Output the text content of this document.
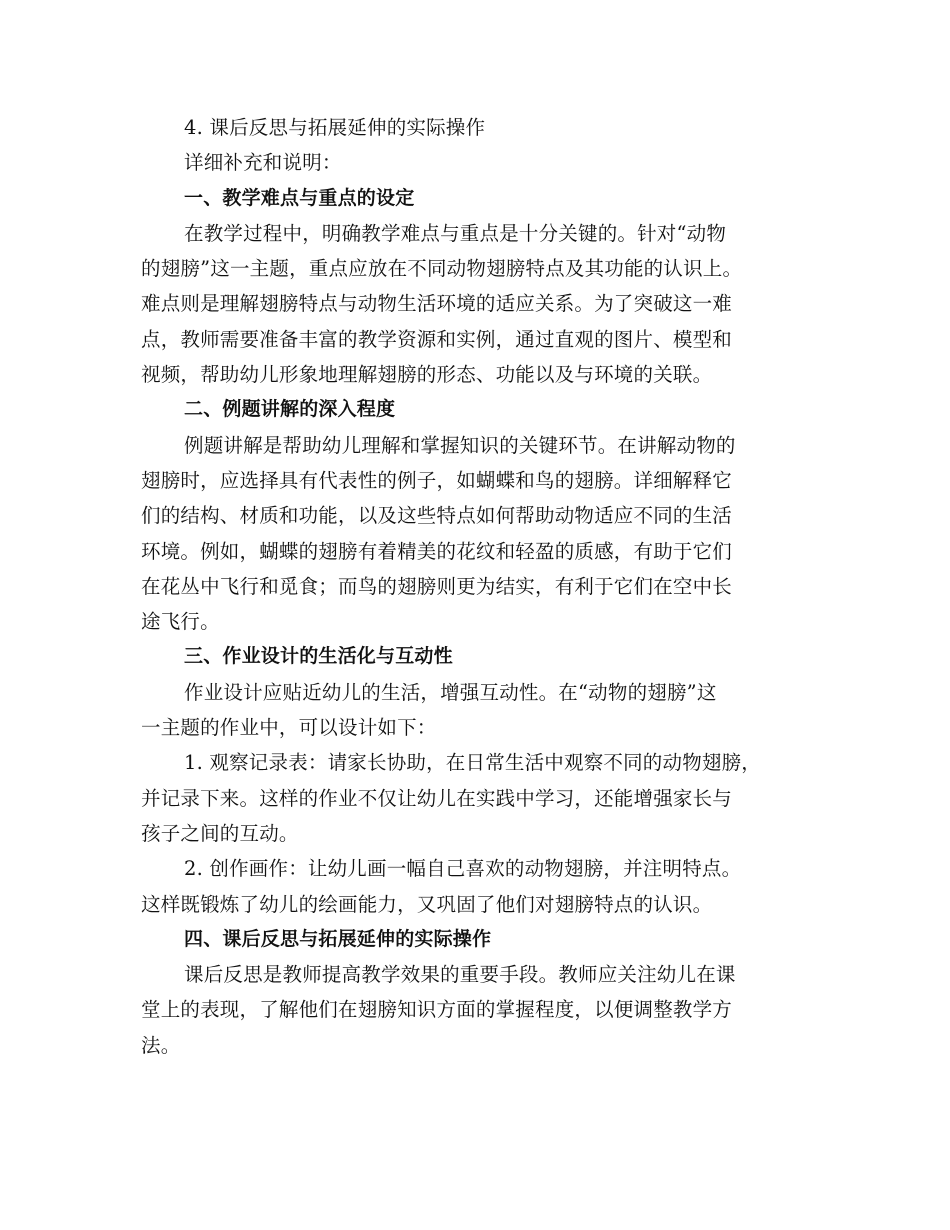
4. 课后反思与拓展延伸的实际操作
详细补充和说明：
一、教学难点与重点的设定
在教学过程中，明确教学难点与重点是十分关键的。针对“动物
的翅膀”这一主题，重点应放在不同动物翅膀特点及其功能的认识上。
难点则是理解翅膀特点与动物生活环境的适应关系。为了突破这一难
点，教师需要准备丰富的教学资源和实例，通过直观的图片、模型和
视频，帮助幼儿形象地理解翅膀的形态、功能以及与环境的关联。
二、例题讲解的深入程度
例题讲解是帮助幼儿理解和掌握知识的关键环节。在讲解动物的
翅膀时，应选择具有代表性的例子，如蝴蝶和鸟的翅膀。详细解释它
们的结构、材质和功能，以及这些特点如何帮助动物适应不同的生活
环境。例如，蝴蝶的翅膀有着精美的花纹和轻盈的质感，有助于它们
在花丛中飞行和觅食；而鸟的翅膀则更为结实，有利于它们在空中长
途飞行。
三、作业设计的生活化与互动性
作业设计应贴近幼儿的生活，增强互动性。在“动物的翅膀”这
一主题的作业中，可以设计如下：
1. 观察记录表：请家长协助，在日常生活中观察不同的动物翅膀，
并记录下来。这样的作业不仅让幼儿在实践中学习，还能增强家长与
孩子之间的互动。
2. 创作画作：让幼儿画一幅自己喜欢的动物翅膀，并注明特点。
这样既锻炼了幼儿的绘画能力，又巩固了他们对翅膀特点的认识。
四、课后反思与拓展延伸的实际操作
课后反思是教师提高教学效果的重要手段。教师应关注幼儿在课
堂上的表现，了解他们在翅膀知识方面的掌握程度，以便调整教学方
法。
